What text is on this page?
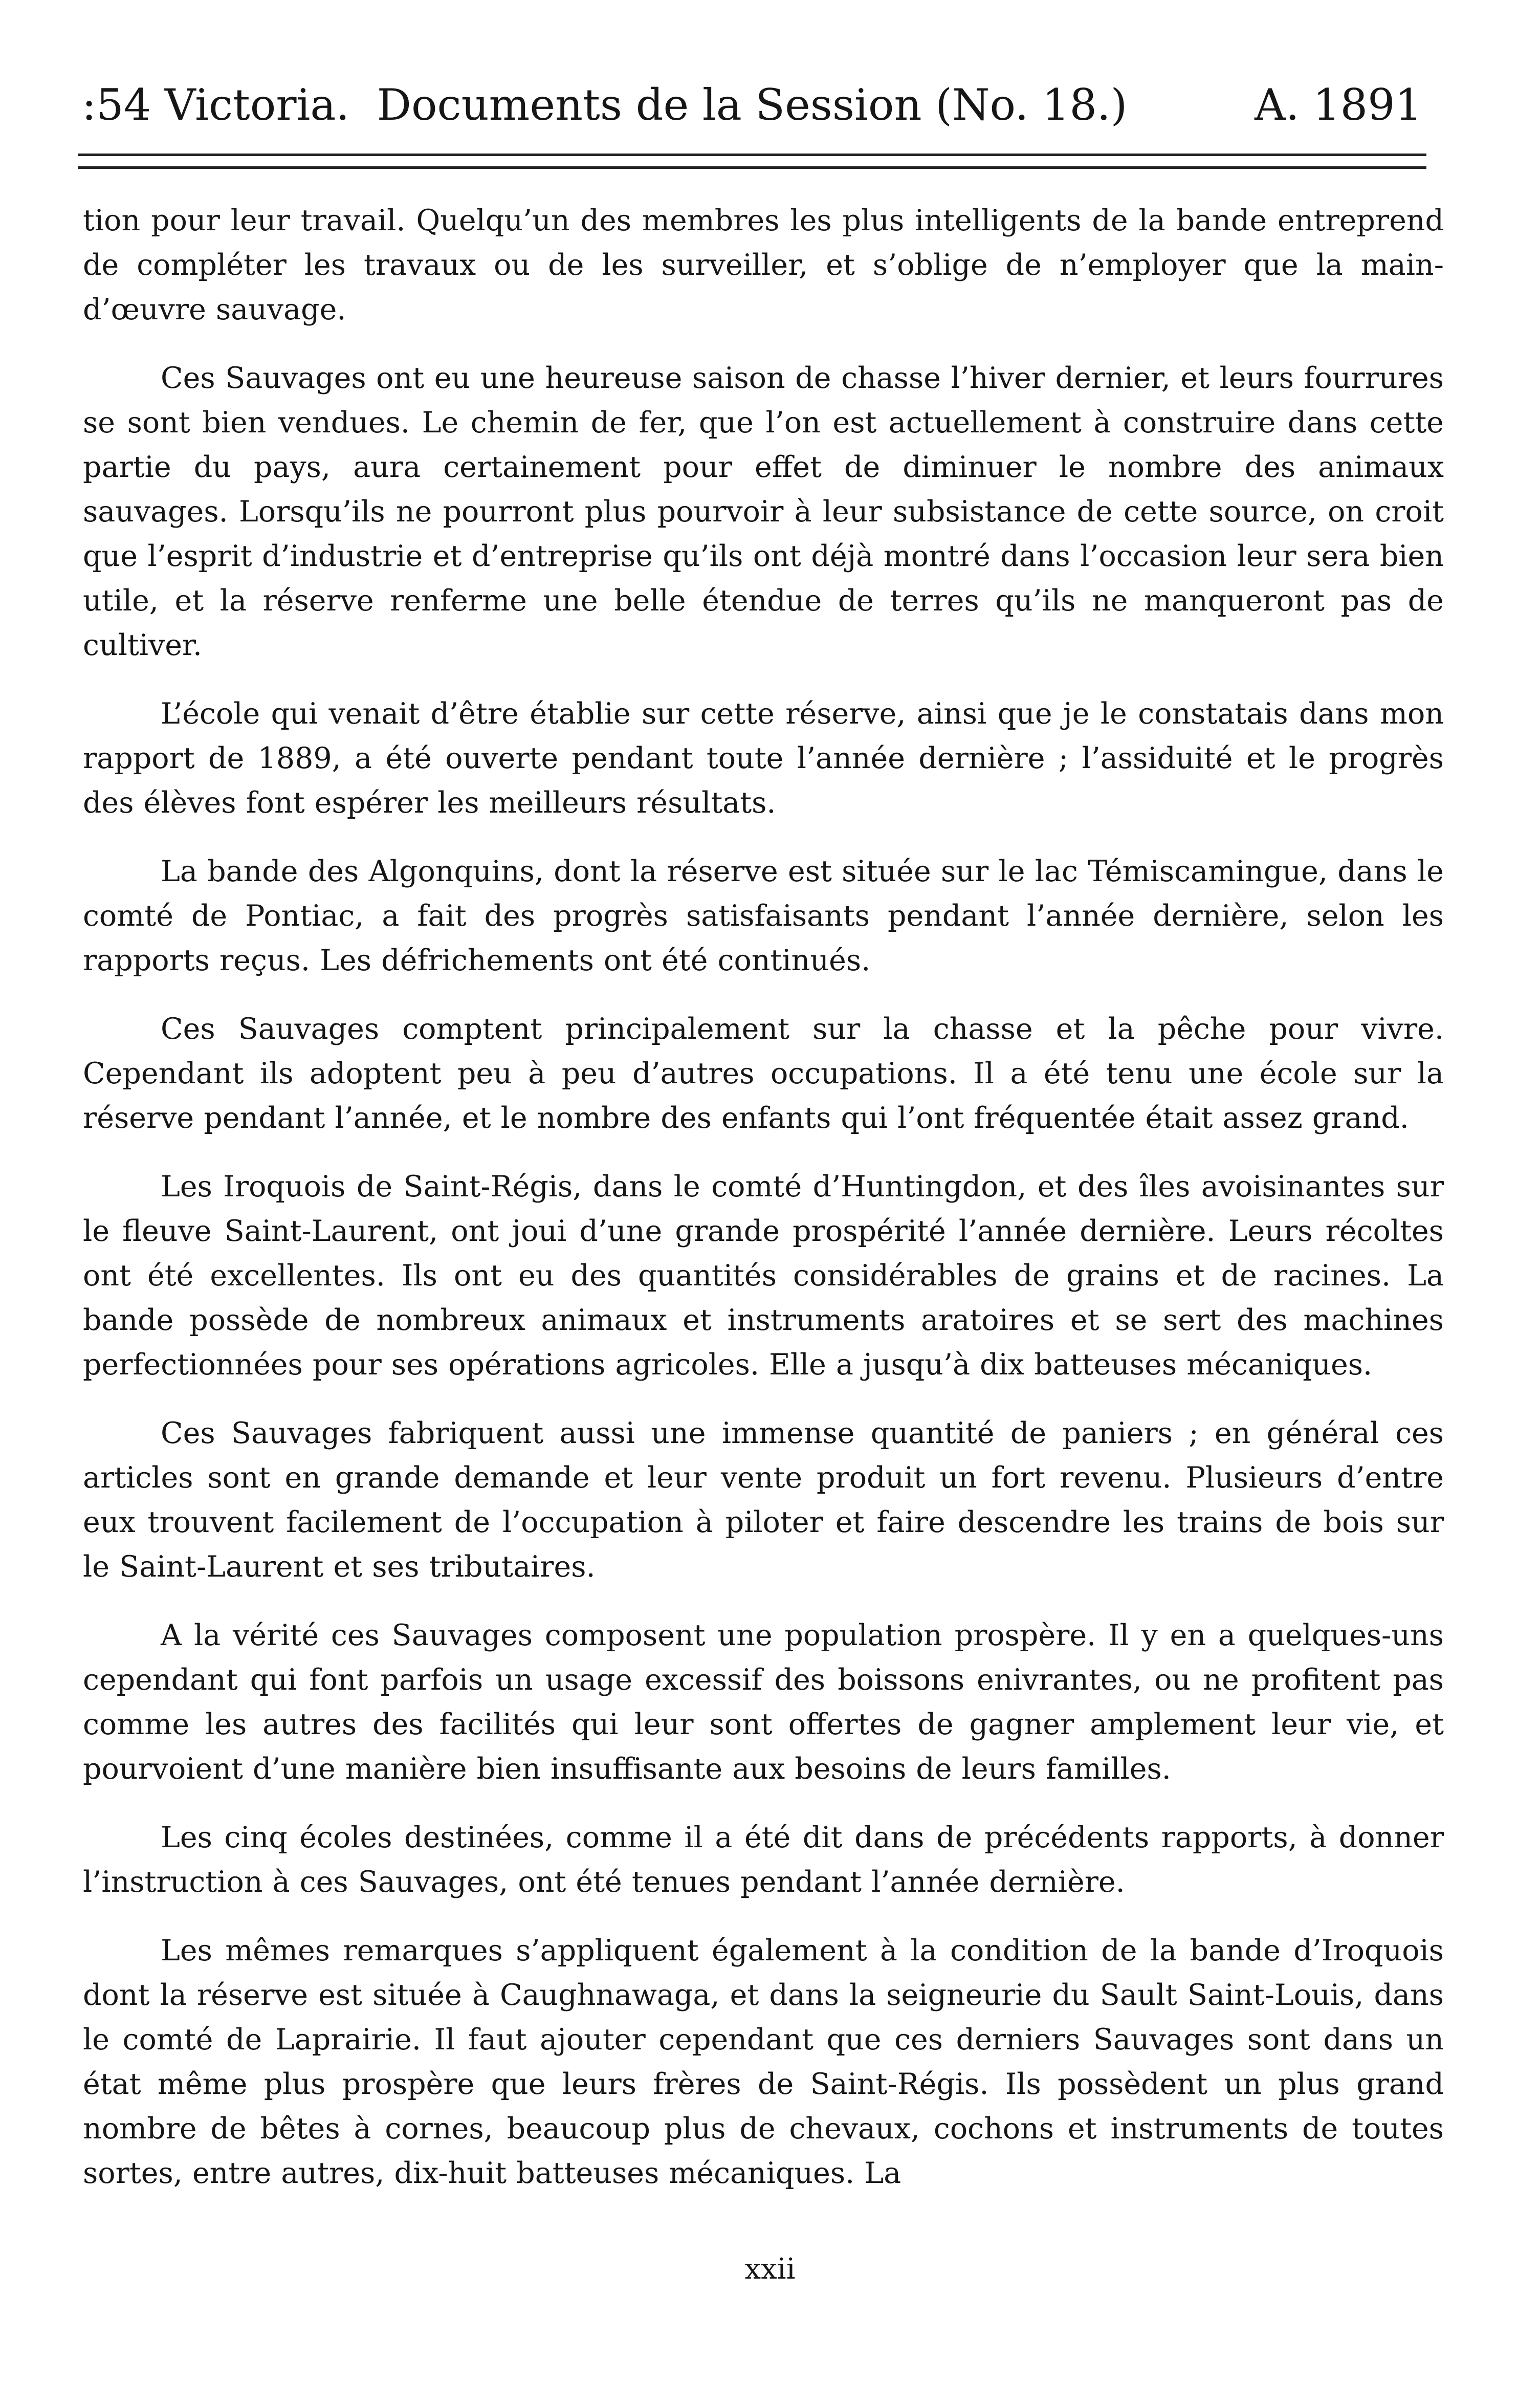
:54 Victoria. Documents de la Session (No. 18.)	A. 1891

tion pour leur travail. Quelqu’un des membres les plus intelligents de la bande entreprend de compléter les travaux ou de les surveiller, et s’oblige de n’employer que la main-d’œuvre sauvage.

Ces Sauvages ont eu une heureuse saison de chasse l’hiver dernier, et leurs fourrures se sont bien vendues. Le chemin de fer, que l’on est actuellement à construire dans cette partie du pays, aura certainement pour effet de diminuer le nombre des animaux sauvages. Lorsqu’ils ne pourront plus pourvoir à leur subsistance de cette source, on croit que l’esprit d’industrie et d’entreprise qu’ils ont déjà montré dans l’occasion leur sera bien utile, et la réserve renferme une belle étendue de terres qu’ils ne manqueront pas de cultiver.

L’école qui venait d’être établie sur cette réserve, ainsi que je le constatais dans mon rapport de 1889, a été ouverte pendant toute l’année dernière ; l’assiduité et le progrès des élèves font espérer les meilleurs résultats.

La bande des Algonquins, dont la réserve est située sur le lac Témiscamingue, dans le comté de Pontiac, a fait des progrès satisfaisants pendant l’année dernière, selon les rapports reçus. Les défrichements ont été continués.

Ces Sauvages comptent principalement sur la chasse et la pêche pour vivre. Cependant ils adoptent peu à peu d’autres occupations. Il a été tenu une école sur la réserve pendant l’année, et le nombre des enfants qui l’ont fréquentée était assez grand.

Les Iroquois de Saint-Régis, dans le comté d’Huntingdon, et des îles avoisinantes sur le fleuve Saint-Laurent, ont joui d’une grande prospérité l’année dernière. Leurs récoltes ont été excellentes. Ils ont eu des quantités considérables de grains et de racines. La bande possède de nombreux animaux et instruments aratoires et se sert des machines perfectionnées pour ses opérations agricoles. Elle a jusqu’à dix batteuses mécaniques.

Ces Sauvages fabriquent aussi une immense quantité de paniers ; en général ces articles sont en grande demande et leur vente produit un fort revenu. Plusieurs d’entre eux trouvent facilement de l’occupation à piloter et faire descendre les trains de bois sur le Saint-Laurent et ses tributaires.

A la vérité ces Sauvages composent une population prospère. Il y en a quelques-uns cependant qui font parfois un usage excessif des boissons enivrantes, ou ne profitent pas comme les autres des facilités qui leur sont offertes de gagner amplement leur vie, et pourvoient d’une manière bien insuffisante aux besoins de leurs familles.

Les cinq écoles destinées, comme il a été dit dans de précédents rapports, à donner l’instruction à ces Sauvages, ont été tenues pendant l’année dernière.

Les mêmes remarques s’appliquent également à la condition de la bande d’Iroquois dont la réserve est située à Caughnawaga, et dans la seigneurie du Sault Saint-Louis, dans le comté de Laprairie. Il faut ajouter cependant que ces derniers Sauvages sont dans un état même plus prospère que leurs frères de Saint-Régis. Ils possèdent un plus grand nombre de bêtes à cornes, beaucoup plus de chevaux, cochons et instruments de toutes sortes, entre autres, dix-huit batteuses mécaniques. La

xxii
